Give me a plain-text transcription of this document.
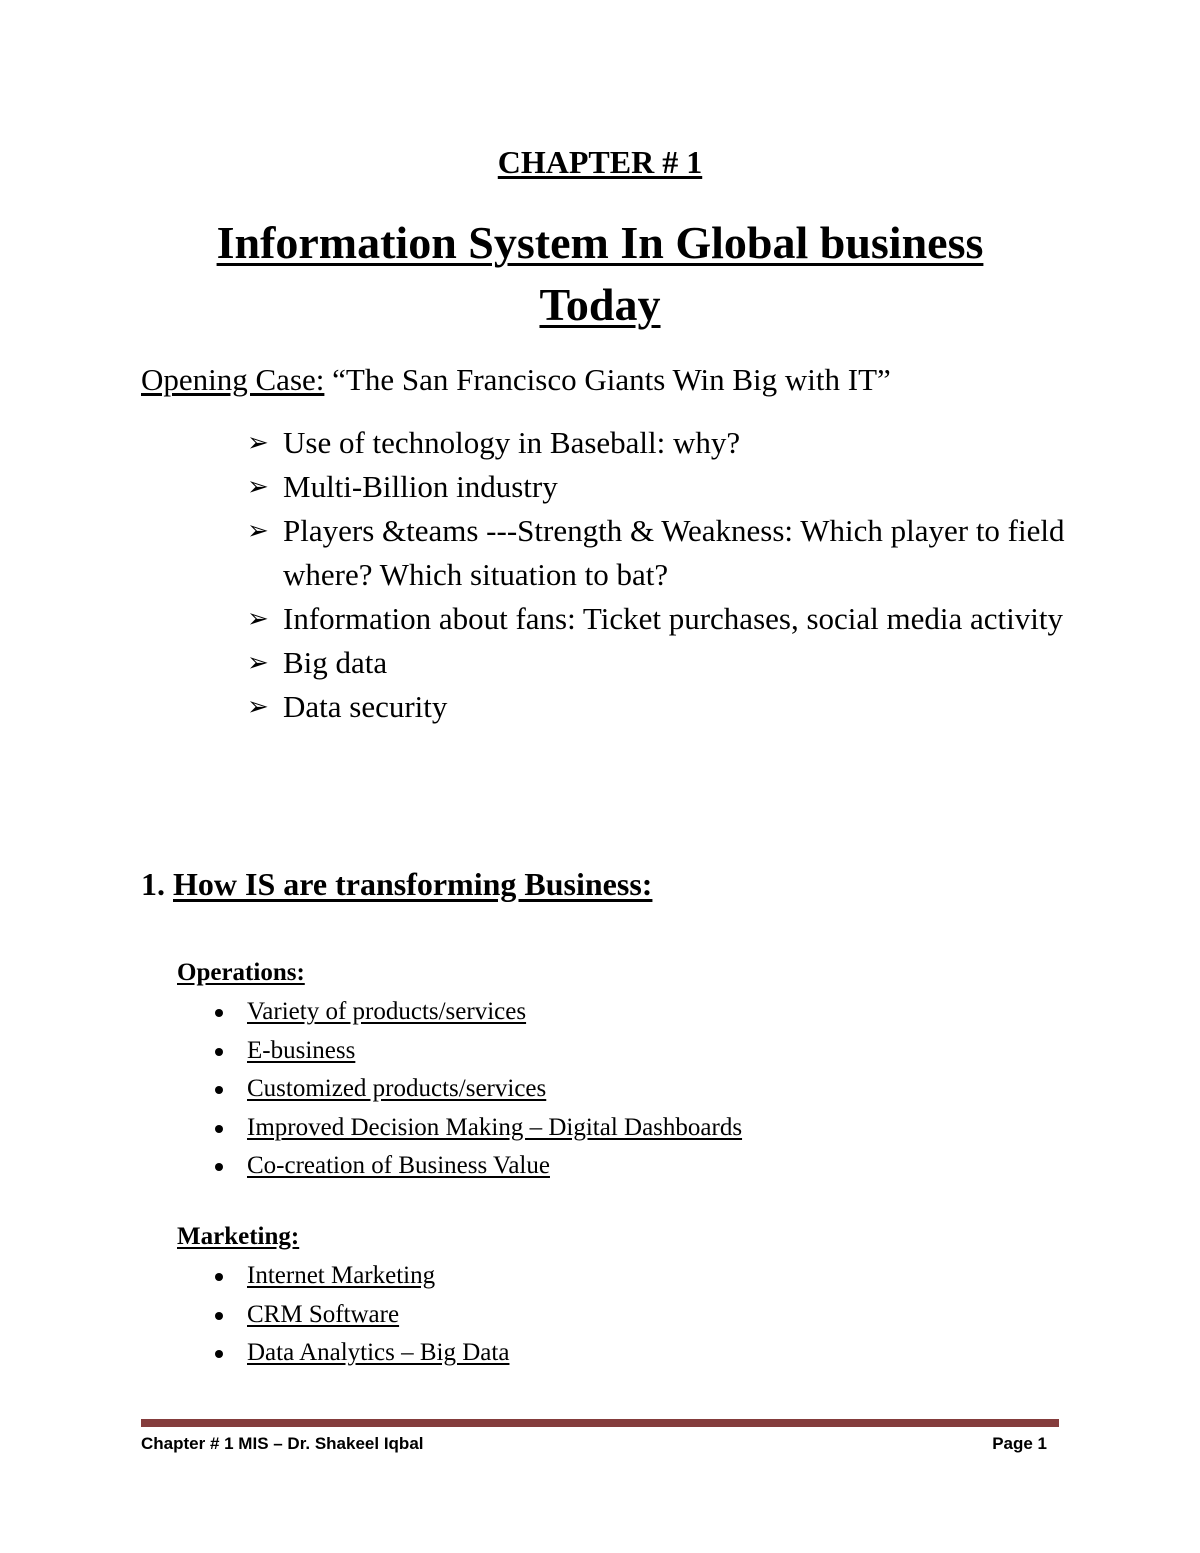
CHAPTER # 1
Information System In Global business
Today
Opening Case: “The San Francisco Giants Win Big with IT”
➢ Use of technology in Baseball: why?
➢ Multi-Billion industry
➢ Players &teams ---Strength & Weakness: Which player to field where? Which situation to bat?
➢ Information about fans: Ticket purchases, social media activity
➢ Big data
➢ Data security
1. How IS are transforming Business:
Operations:
Variety of products/services
E-business
Customized products/services
Improved Decision Making – Digital Dashboards
Co-creation of Business Value
Marketing:
Internet Marketing
CRM Software
Data Analytics – Big Data
Chapter # 1 MIS – Dr. Shakeel Iqbal	Page 1
